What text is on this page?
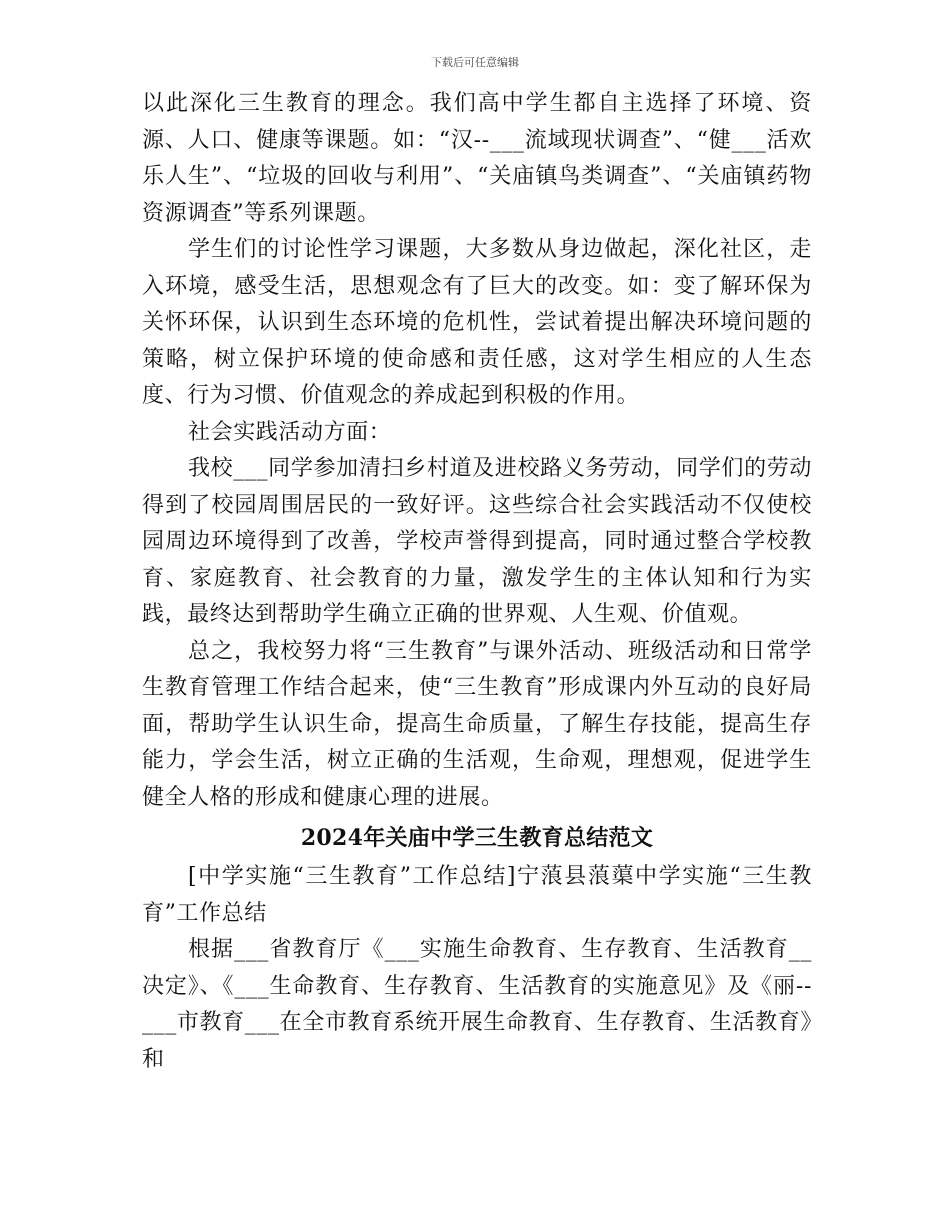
下载后可任意编辑

以此深化三生教育的理念。我们高中学生都自主选择了环境、资源、人口、健康等课题。如：“汉--___流域现状调查”、“健___活欢乐人生”、“垃圾的回收与利用”、“关庙镇鸟类调查”、“关庙镇药物资源调查”等系列课题。

学生们的讨论性学习课题，大多数从身边做起，深化社区，走入环境，感受生活，思想观念有了巨大的改变。如：变了解环保为关怀环保，认识到生态环境的危机性，尝试着提出解决环境问题的策略，树立保护环境的使命感和责任感，这对学生相应的人生态度、行为习惯、价值观念的养成起到积极的作用。

社会实践活动方面：

我校___同学参加清扫乡村道及进校路义务劳动，同学们的劳动得到了校园周围居民的一致好评。这些综合社会实践活动不仅使校园周边环境得到了改善，学校声誉得到提高，同时通过整合学校教育、家庭教育、社会教育的力量，激发学生的主体认知和行为实践，最终达到帮助学生确立正确的世界观、人生观、价值观。

总之，我校努力将“三生教育”与课外活动、班级活动和日常学生教育管理工作结合起来，使“三生教育”形成课内外互动的良好局面，帮助学生认识生命，提高生命质量，了解生存技能，提高生存能力，学会生活，树立正确的生活观，生命观，理想观，促进学生健全人格的形成和健康心理的进展。

2024年关庙中学三生教育总结范文

[中学实施“三生教育”工作总结]宁蒗县蒗蕖中学实施“三生教育”工作总结

根据___省教育厅《___实施生命教育、生存教育、生活教育__决定》、《___生命教育、生存教育、生活教育的实施意见》及《丽--___市教育___在全市教育系统开展生命教育、生存教育、生活教育》和
